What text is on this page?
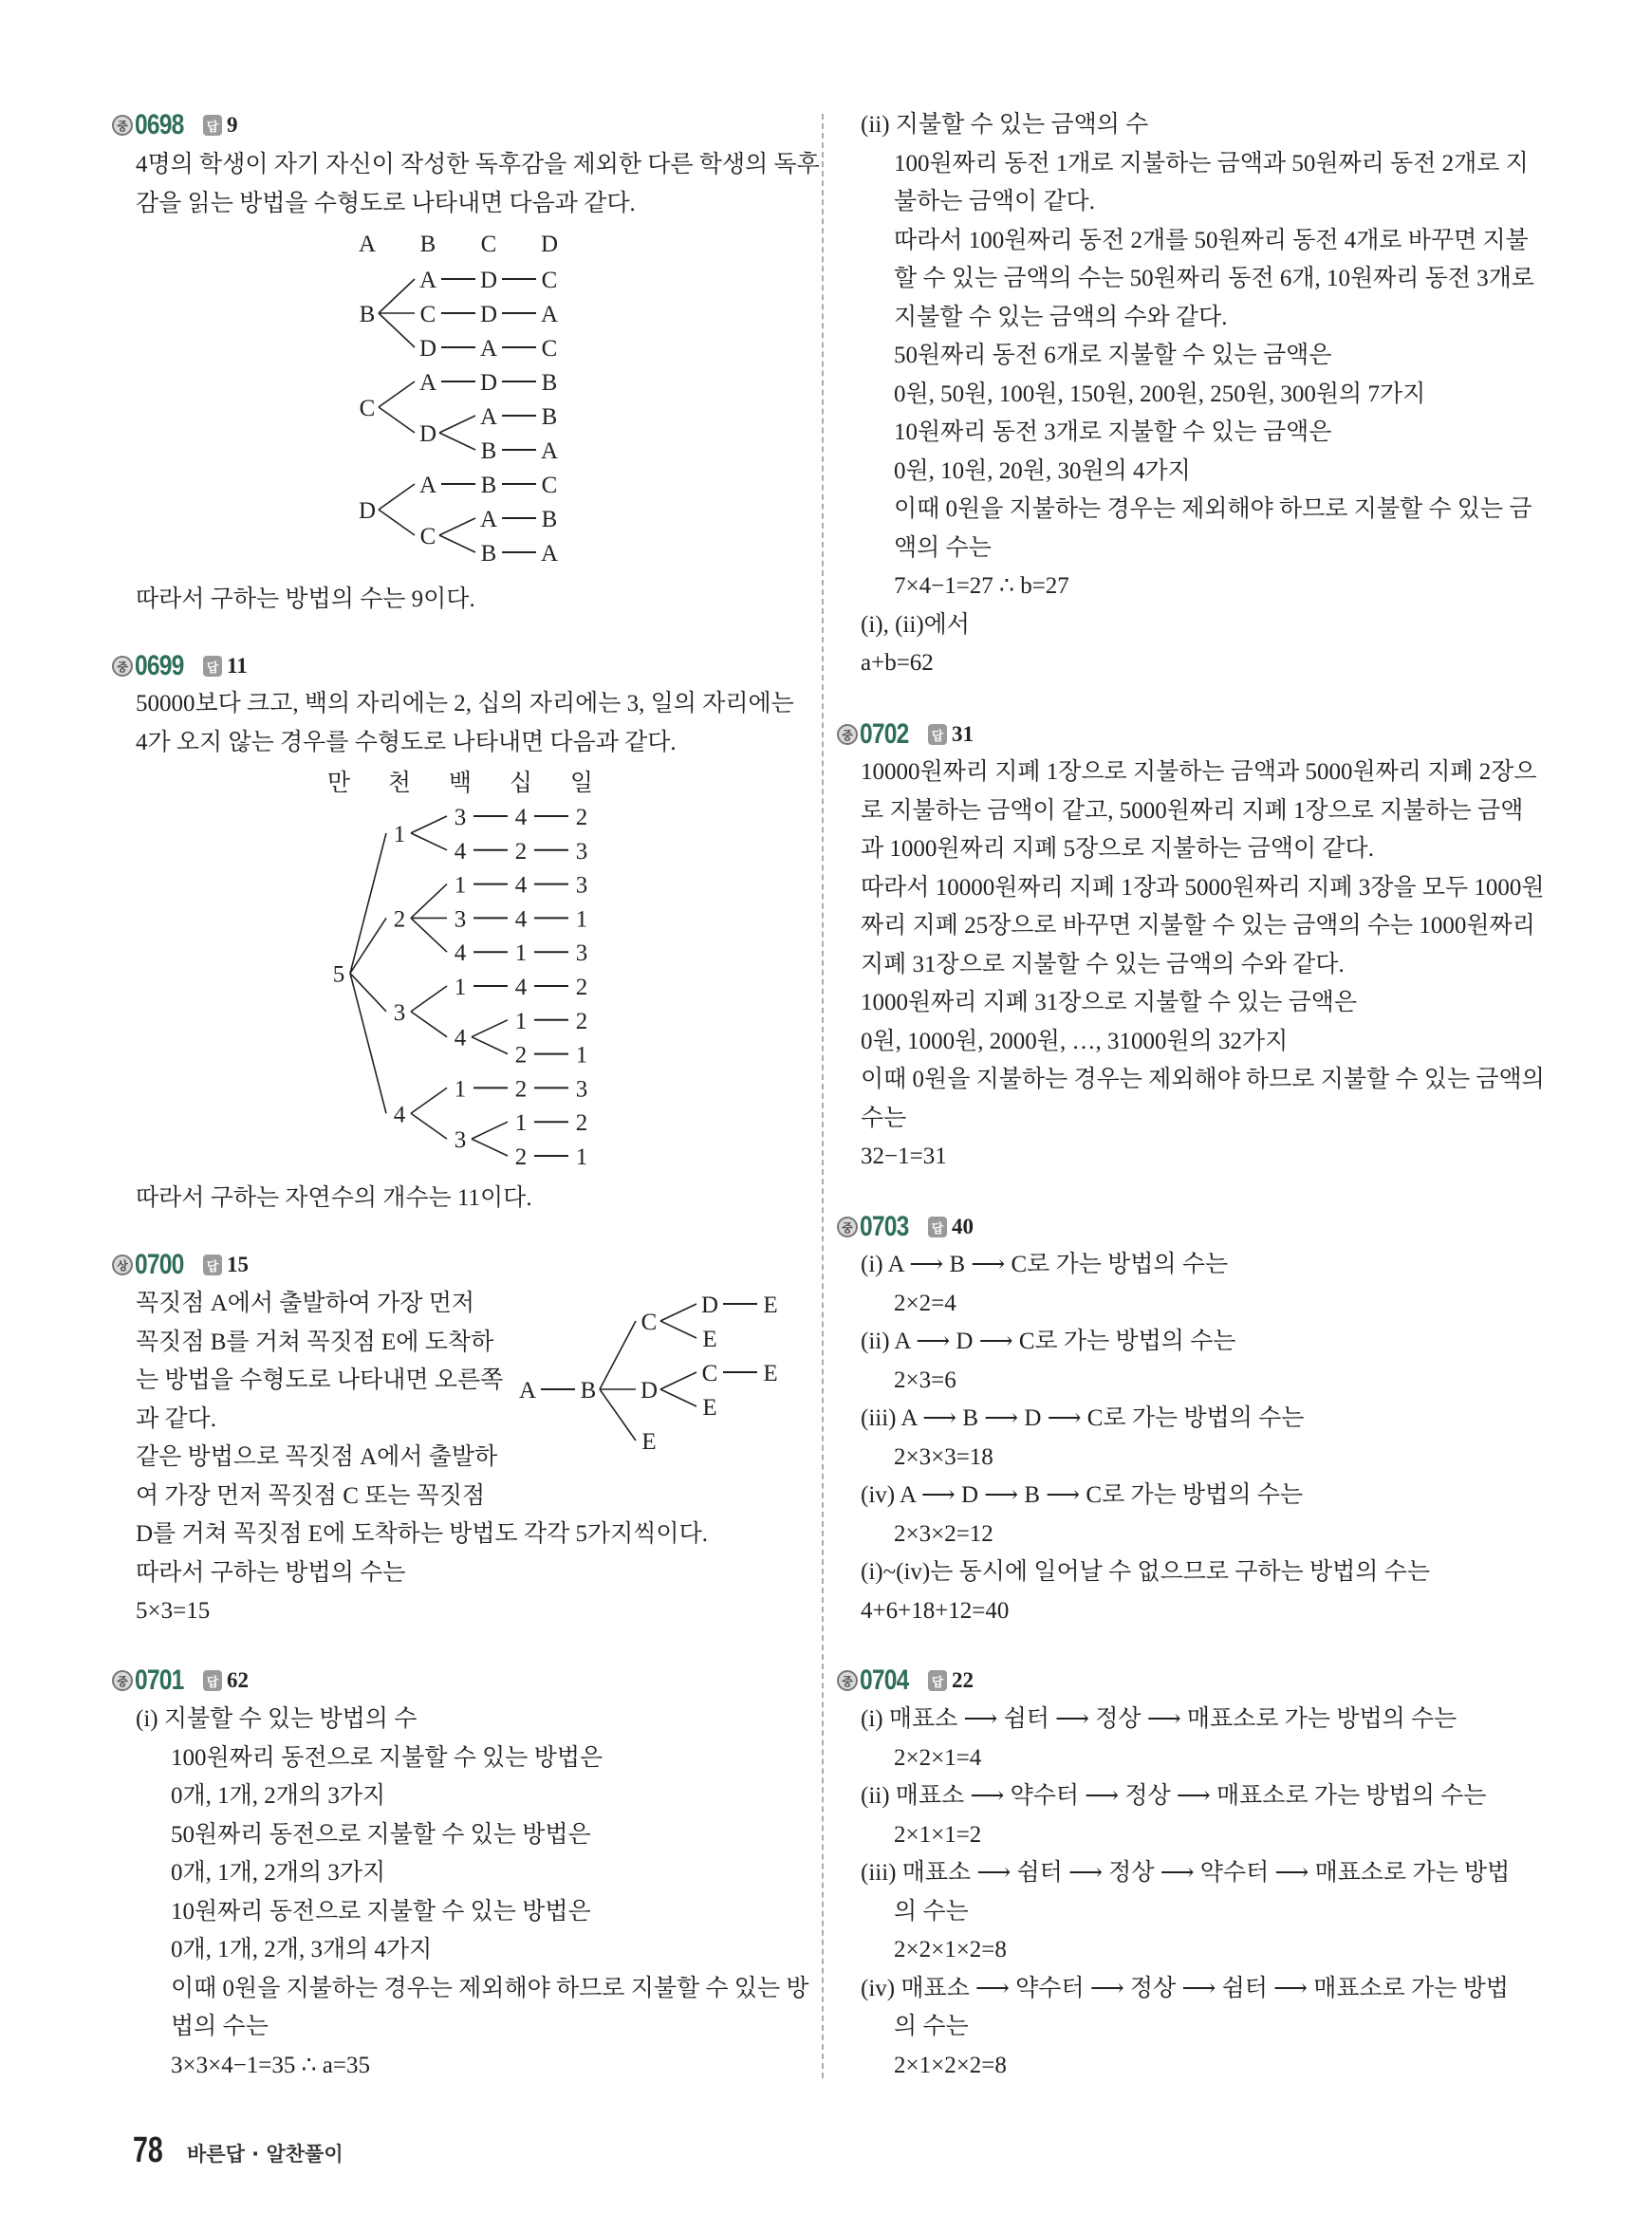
78 바른답 · 알찬풀이
중 0698 답 9
4명의 학생이 자기 자신이 작성한 독후감을 제외한 다른 학생의 독후
감을 읽는 방법을 수형도로 나타내면 다음과 같다.
따라서 구하는 방법의 수는 9이다.
A B C D
B
A D C
C D A
D A C
C
A D B
D
A B
B A
D
A B C
C
A B
B A
중 0699 답 11
50000보다 크고, 백의 자리에는 2, 십의 자리에는 3, 일의 자리에는
4가 오지 않는 경우를 수형도로 나타내면 다음과 같다.
따라서 구하는 자연수의 개수는 11이다.
만 천 백 십 일
5
1
3 4 2
4 2 3
2
1 4 3
3 4 1
4 1 3
3
1 4 2
4
1 2
2 1
4
1 2 3
3
1 2
2 1
상 0700 답 15
꼭짓점 A에서 출발하여 가장 먼저
꼭짓점 B를 거쳐 꼭짓점 E에 도착하
는 방법을 수형도로 나타내면 오른쪽
과 같다.
같은 방법으로 꼭짓점 A에서 출발하
여 가장 먼저 꼭짓점 C 또는 꼭짓점
D를 거쳐 꼭짓점 E에 도착하는 방법도 각각 5가지씩이다.
따라서 구하는 방법의 수는
5×3=15
A B
C
D E
E
D
C E
E
E
중 0701 답 62
(i) 지불할 수 있는 방법의 수
100원짜리 동전으로 지불할 수 있는 방법은
0개, 1개, 2개의 3가지
50원짜리 동전으로 지불할 수 있는 방법은
0개, 1개, 2개의 3가지
10원짜리 동전으로 지불할 수 있는 방법은
0개, 1개, 2개, 3개의 4가지
이때 0원을 지불하는 경우는 제외해야 하므로 지불할 수 있는 방
법의 수는
3×3×4−1=35 ∴ a=35
(ii) 지불할 수 있는 금액의 수
100원짜리 동전 1개로 지불하는 금액과 50원짜리 동전 2개로 지
불하는 금액이 같다.
따라서 100원짜리 동전 2개를 50원짜리 동전 4개로 바꾸면 지불
할 수 있는 금액의 수는 50원짜리 동전 6개, 10원짜리 동전 3개로
지불할 수 있는 금액의 수와 같다.
50원짜리 동전 6개로 지불할 수 있는 금액은
0원, 50원, 100원, 150원, 200원, 250원, 300원의 7가지
10원짜리 동전 3개로 지불할 수 있는 금액은
0원, 10원, 20원, 30원의 4가지
이때 0원을 지불하는 경우는 제외해야 하므로 지불할 수 있는 금
액의 수는
7×4−1=27 ∴ b=27
(i), (ii)에서
a+b=62
중 0702 답 31
10000원짜리 지폐 1장으로 지불하는 금액과 5000원짜리 지폐 2장으
로 지불하는 금액이 같고, 5000원짜리 지폐 1장으로 지불하는 금액
과 1000원짜리 지폐 5장으로 지불하는 금액이 같다.
따라서 10000원짜리 지폐 1장과 5000원짜리 지폐 3장을 모두 1000원
짜리 지폐 25장으로 바꾸면 지불할 수 있는 금액의 수는 1000원짜리
지폐 31장으로 지불할 수 있는 금액의 수와 같다.
1000원짜리 지폐 31장으로 지불할 수 있는 금액은
0원, 1000원, 2000원, …, 31000원의 32가지
이때 0원을 지불하는 경우는 제외해야 하므로 지불할 수 있는 금액의
수는
32−1=31
중 0703 답 40
(i) A ⟶ B ⟶ C로 가는 방법의 수는
2×2=4
(ii) A ⟶ D ⟶ C로 가는 방법의 수는
2×3=6
(iii) A ⟶ B ⟶ D ⟶ C로 가는 방법의 수는
2×3×3=18
(iv) A ⟶ D ⟶ B ⟶ C로 가는 방법의 수는
2×3×2=12
(i)~(iv)는 동시에 일어날 수 없으므로 구하는 방법의 수는
4+6+18+12=40
중 0704 답 22
(i) 매표소 ⟶ 쉼터 ⟶ 정상 ⟶ 매표소로 가는 방법의 수는
2×2×1=4
(ii) 매표소 ⟶ 약수터 ⟶ 정상 ⟶ 매표소로 가는 방법의 수는
2×1×1=2
(iii) 매표소 ⟶ 쉼터 ⟶ 정상 ⟶ 약수터 ⟶ 매표소로 가는 방법
의 수는
2×2×1×2=8
(iv) 매표소 ⟶ 약수터 ⟶ 정상 ⟶ 쉼터 ⟶ 매표소로 가는 방법
의 수는
2×1×2×2=8
